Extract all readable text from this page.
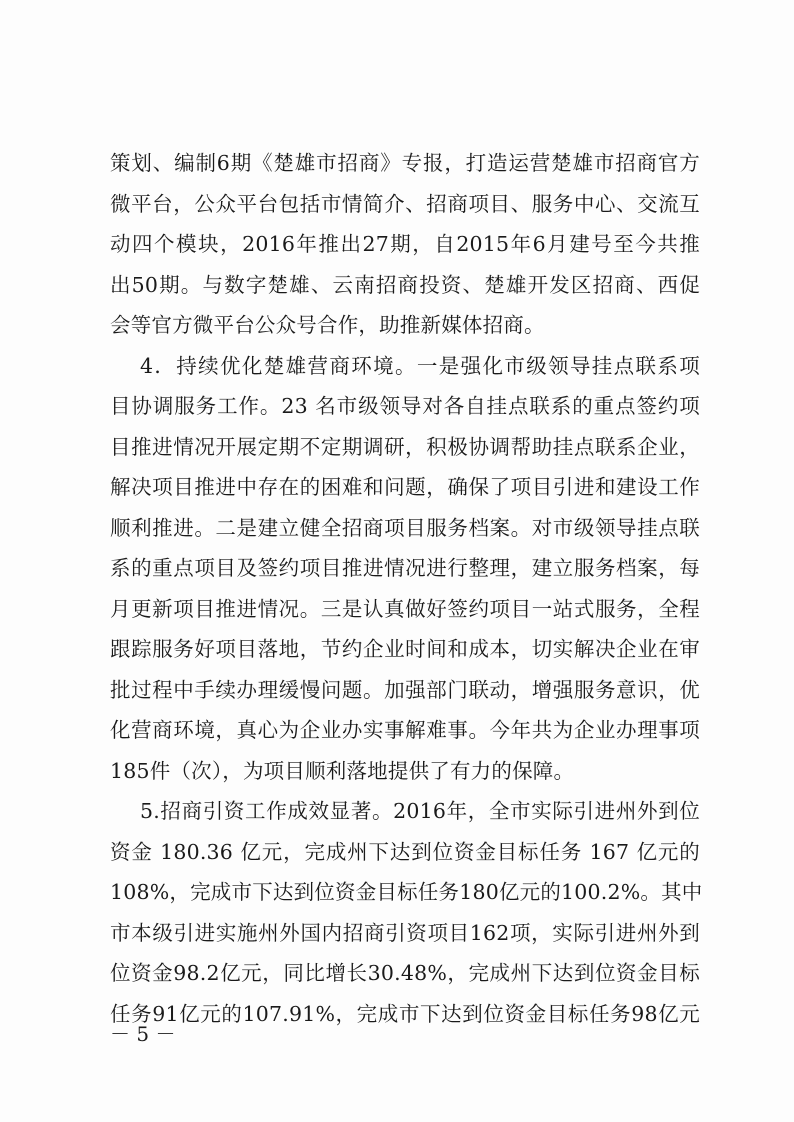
策划、编制6期《楚雄市招商》专报，打造运营楚雄市招商官方
微平台，公众平台包括市情简介、招商项目、服务中心、交流互
动四个模块，2016年推出27期，自2015年6月建号至今共推
出50期。与数字楚雄、云南招商投资、楚雄开发区招商、西促
会等官方微平台公众号合作，助推新媒体招商。
4．持续优化楚雄营商环境。一是强化市级领导挂点联系项
目协调服务工作。23 名市级领导对各自挂点联系的重点签约项
目推进情况开展定期不定期调研，积极协调帮助挂点联系企业，
解决项目推进中存在的困难和问题，确保了项目引进和建设工作
顺利推进。二是建立健全招商项目服务档案。对市级领导挂点联
系的重点项目及签约项目推进情况进行整理，建立服务档案，每
月更新项目推进情况。三是认真做好签约项目一站式服务，全程
跟踪服务好项目落地，节约企业时间和成本，切实解决企业在审
批过程中手续办理缓慢问题。加强部门联动，增强服务意识，优
化营商环境，真心为企业办实事解难事。今年共为企业办理事项
185件（次），为项目顺利落地提供了有力的保障。
5.招商引资工作成效显著。2016年，全市实际引进州外到位
资金 180.36 亿元，完成州下达到位资金目标任务 167 亿元的
108%，完成市下达到位资金目标任务180亿元的100.2%。其中
市本级引进实施州外国内招商引资项目162项，实际引进州外到
位资金98.2亿元，同比增长30.48%，完成州下达到位资金目标
任务91亿元的107.91%，完成市下达到位资金目标任务98亿元
－ 5 －
